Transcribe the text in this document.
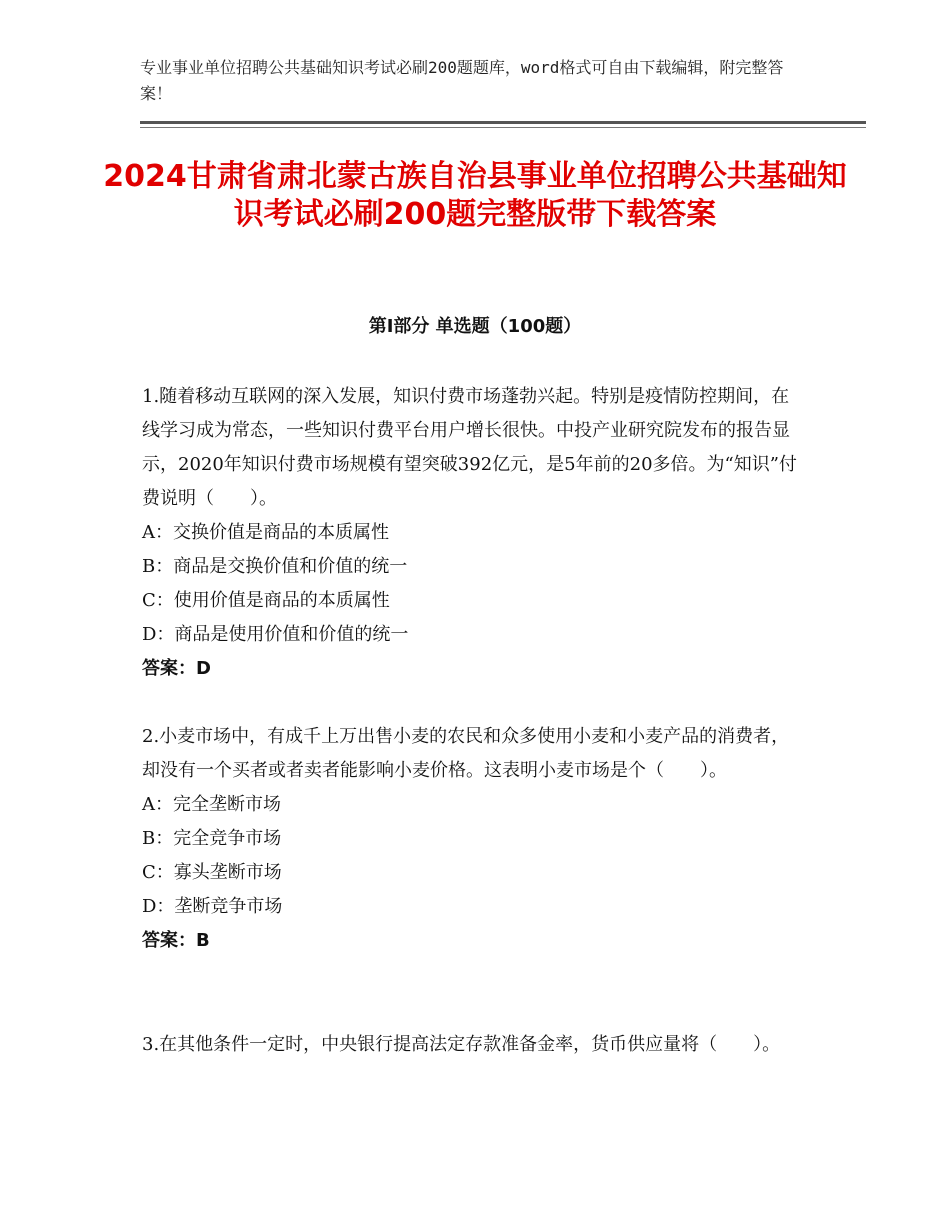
专业事业单位招聘公共基础知识考试必刷200题题库，word格式可自由下载编辑，附完整答案！
2024甘肃省肃北蒙古族自治县事业单位招聘公共基础知识考试必刷200题完整版带下载答案
第Ⅰ部分 单选题（100题）
1.随着移动互联网的深入发展，知识付费市场蓬勃兴起。特别是疫情防控期间，在线学习成为常态，一些知识付费平台用户增长很快。中投产业研究院发布的报告显示，2020年知识付费市场规模有望突破392亿元，是5年前的20多倍。为“知识”付费说明（　　）。
A：交换价值是商品的本质属性
B：商品是交换价值和价值的统一
C：使用价值是商品的本质属性
D：商品是使用价值和价值的统一
答案：D
2.小麦市场中，有成千上万出售小麦的农民和众多使用小麦和小麦产品的消费者，却没有一个买者或者卖者能影响小麦价格。这表明小麦市场是个（　　）。
A：完全垄断市场
B：完全竞争市场
C：寡头垄断市场
D：垄断竞争市场
答案：B
3.在其他条件一定时，中央银行提高法定存款准备金率，货币供应量将（　　）。
